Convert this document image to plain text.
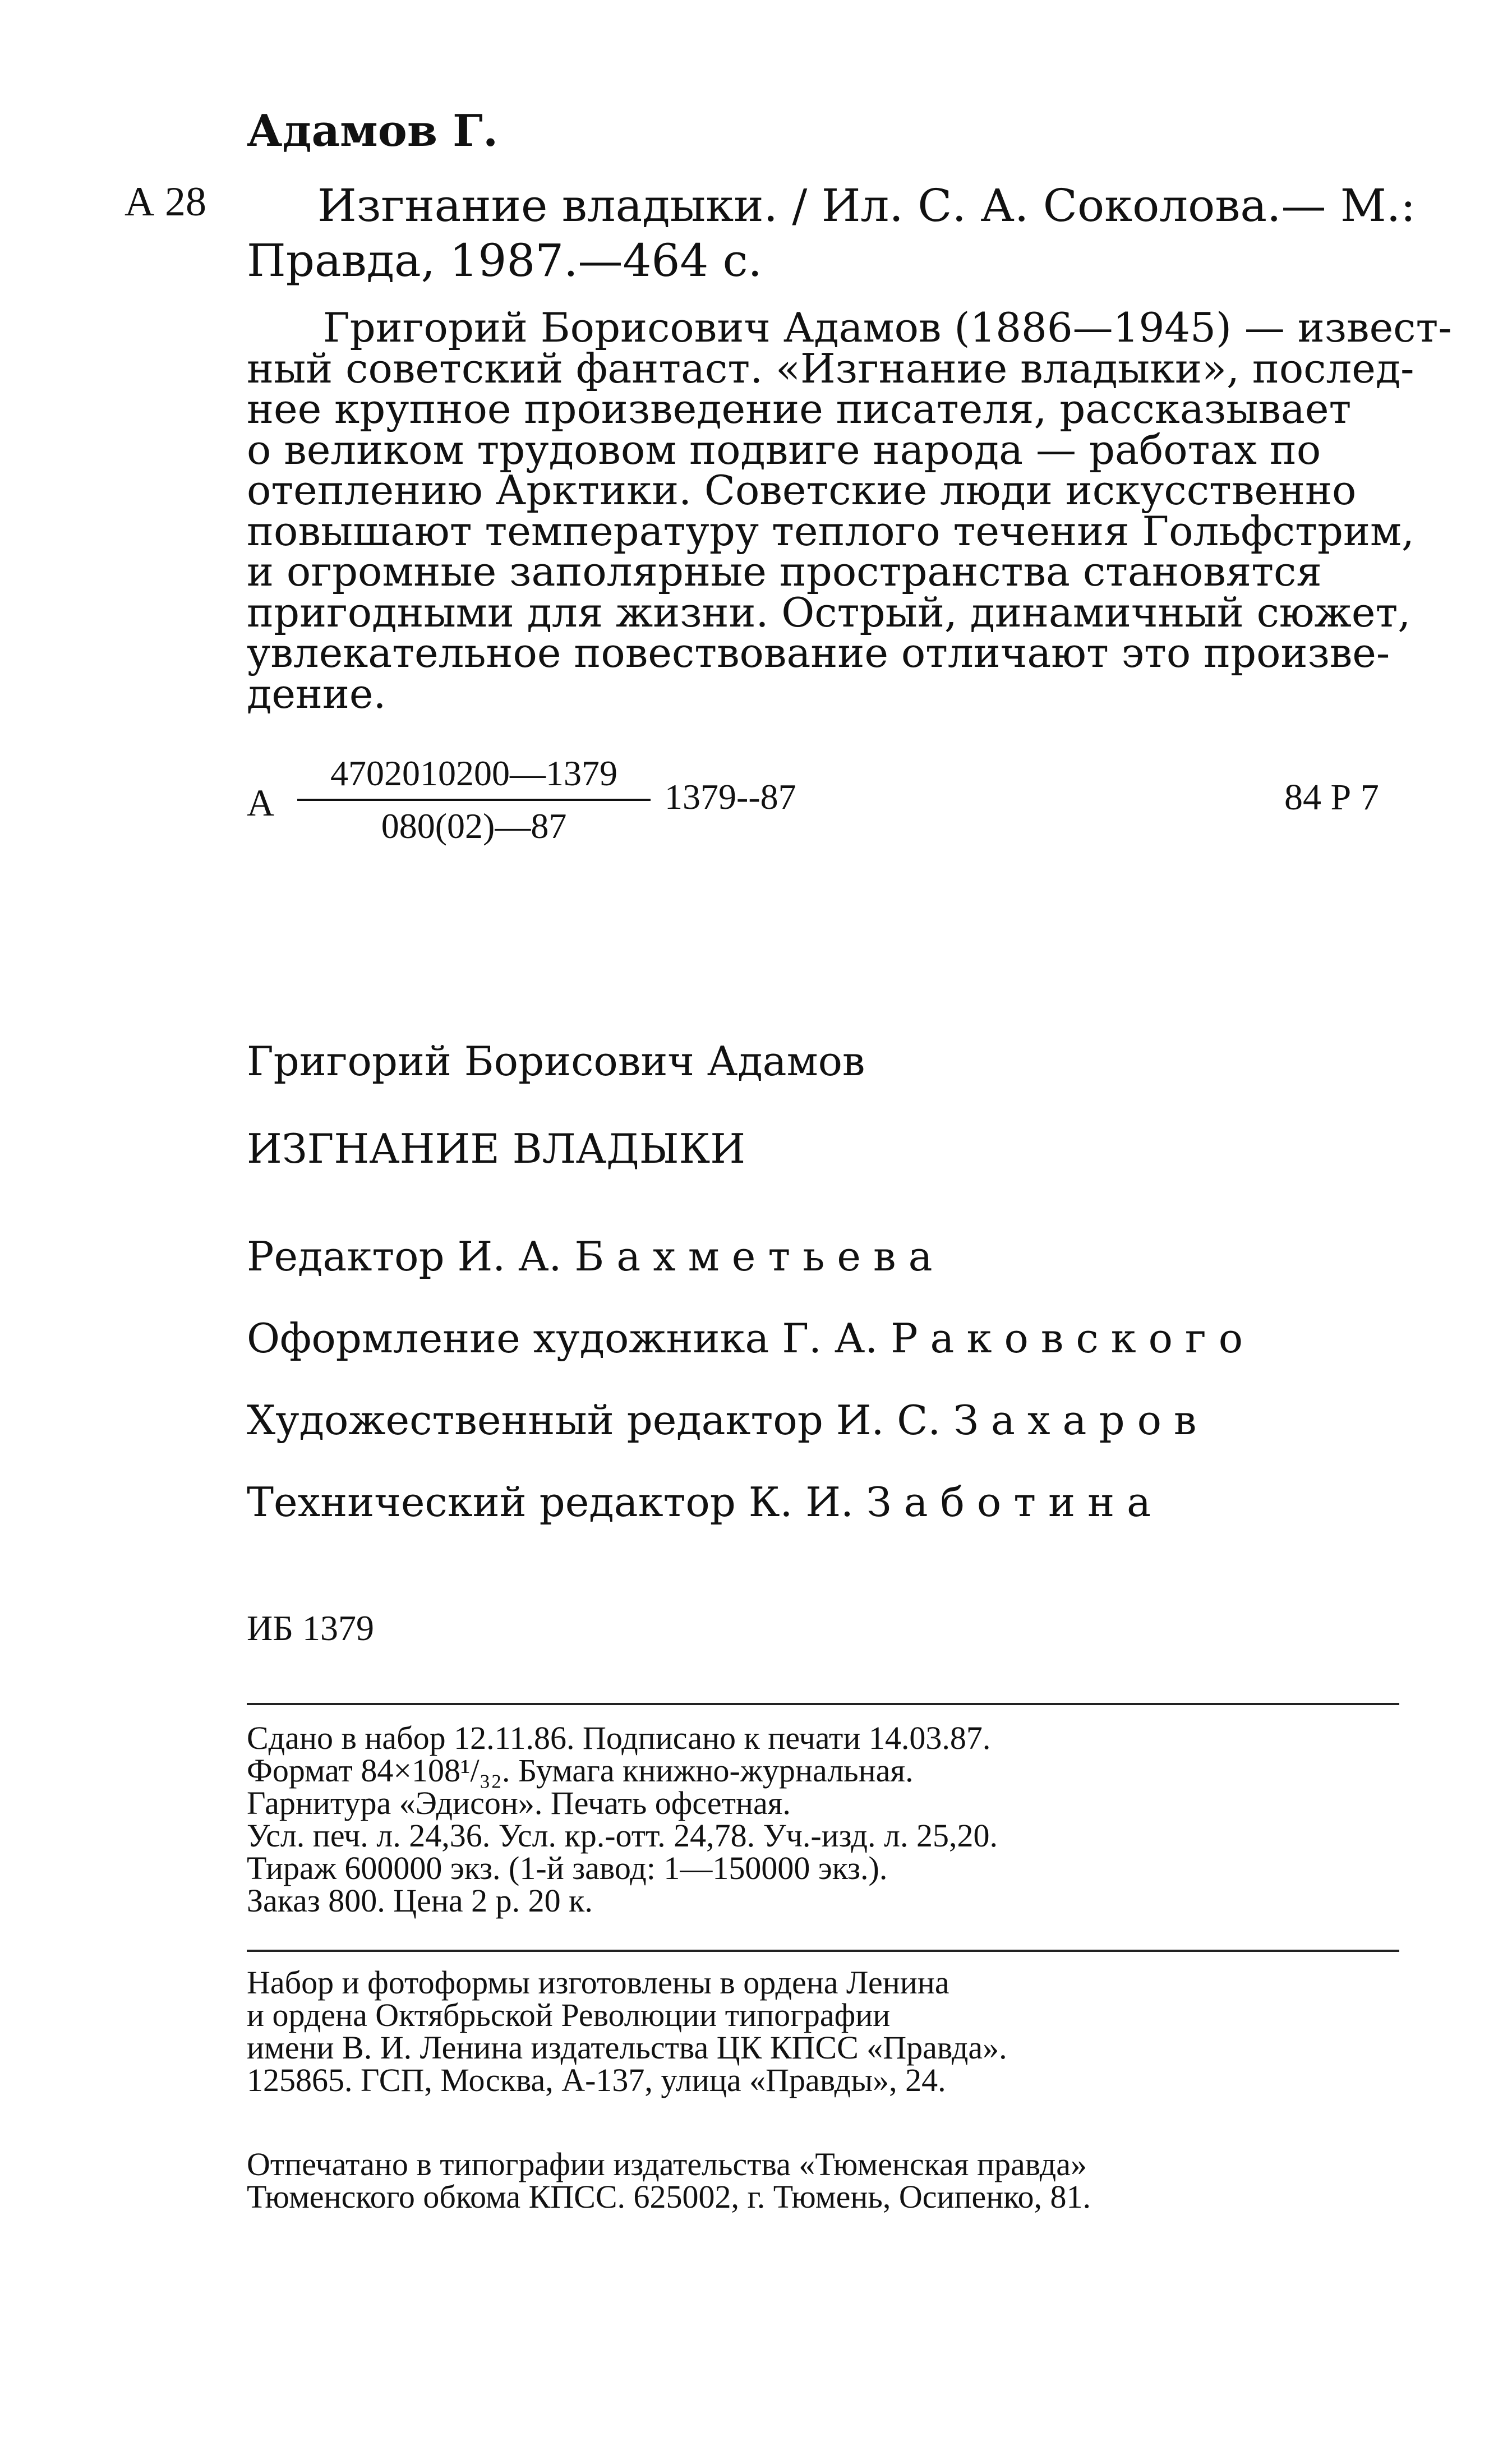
Адамов Г.
А 28	Изгнание владыки. / Ил. С. А. Соколова.— М.:
Правда, 1987.—464 с.
Григорий Борисович Адамов (1886—1945) — извест-
ный советский фантаст. «Изгнание владыки», послед-
нее крупное произведение писателя, рассказывает
о великом трудовом подвиге народа — работах по
отеплению Арктики. Советские люди искусственно
повышают температуру теплого течения Гольфстрим,
и огромные заполярные пространства становятся
пригодными для жизни. Острый, динамичный сюжет,
увлекательное повествование отличают это произве-
дение.
А
4702010200—1379
080(02)—87
1379--87	84 Р 7
Григорий Борисович Адамов
ИЗГНАНИЕ ВЛАДЫКИ
Редактор И. А. Бахметьева
Оформление художника Г. А. Раковского
Художественный редактор И. С. Захаров
Технический редактор К. И. Заботина
ИБ 1379
Сдано в набор 12.11.86. Подписано к печати 14.03.87.
Формат 84×108¹/₃₂. Бумага книжно-журнальная.
Гарнитура «Эдисон». Печать офсетная.
Усл. печ. л. 24,36. Усл. кр.-отт. 24,78. Уч.-изд. л. 25,20.
Тираж 600000 экз. (1-й завод: 1—150000 экз.).
Заказ 800. Цена 2 р. 20 к.
Набор и фотоформы изготовлены в ордена Ленина
и ордена Октябрьской Революции типографии
имени В. И. Ленина издательства ЦК КПСС «Правда».
125865. ГСП, Москва, А-137, улица «Правды», 24.
Отпечатано в типографии издательства «Тюменская правда»
Тюменского обкома КПСС. 625002, г. Тюмень, Осипенко, 81.
